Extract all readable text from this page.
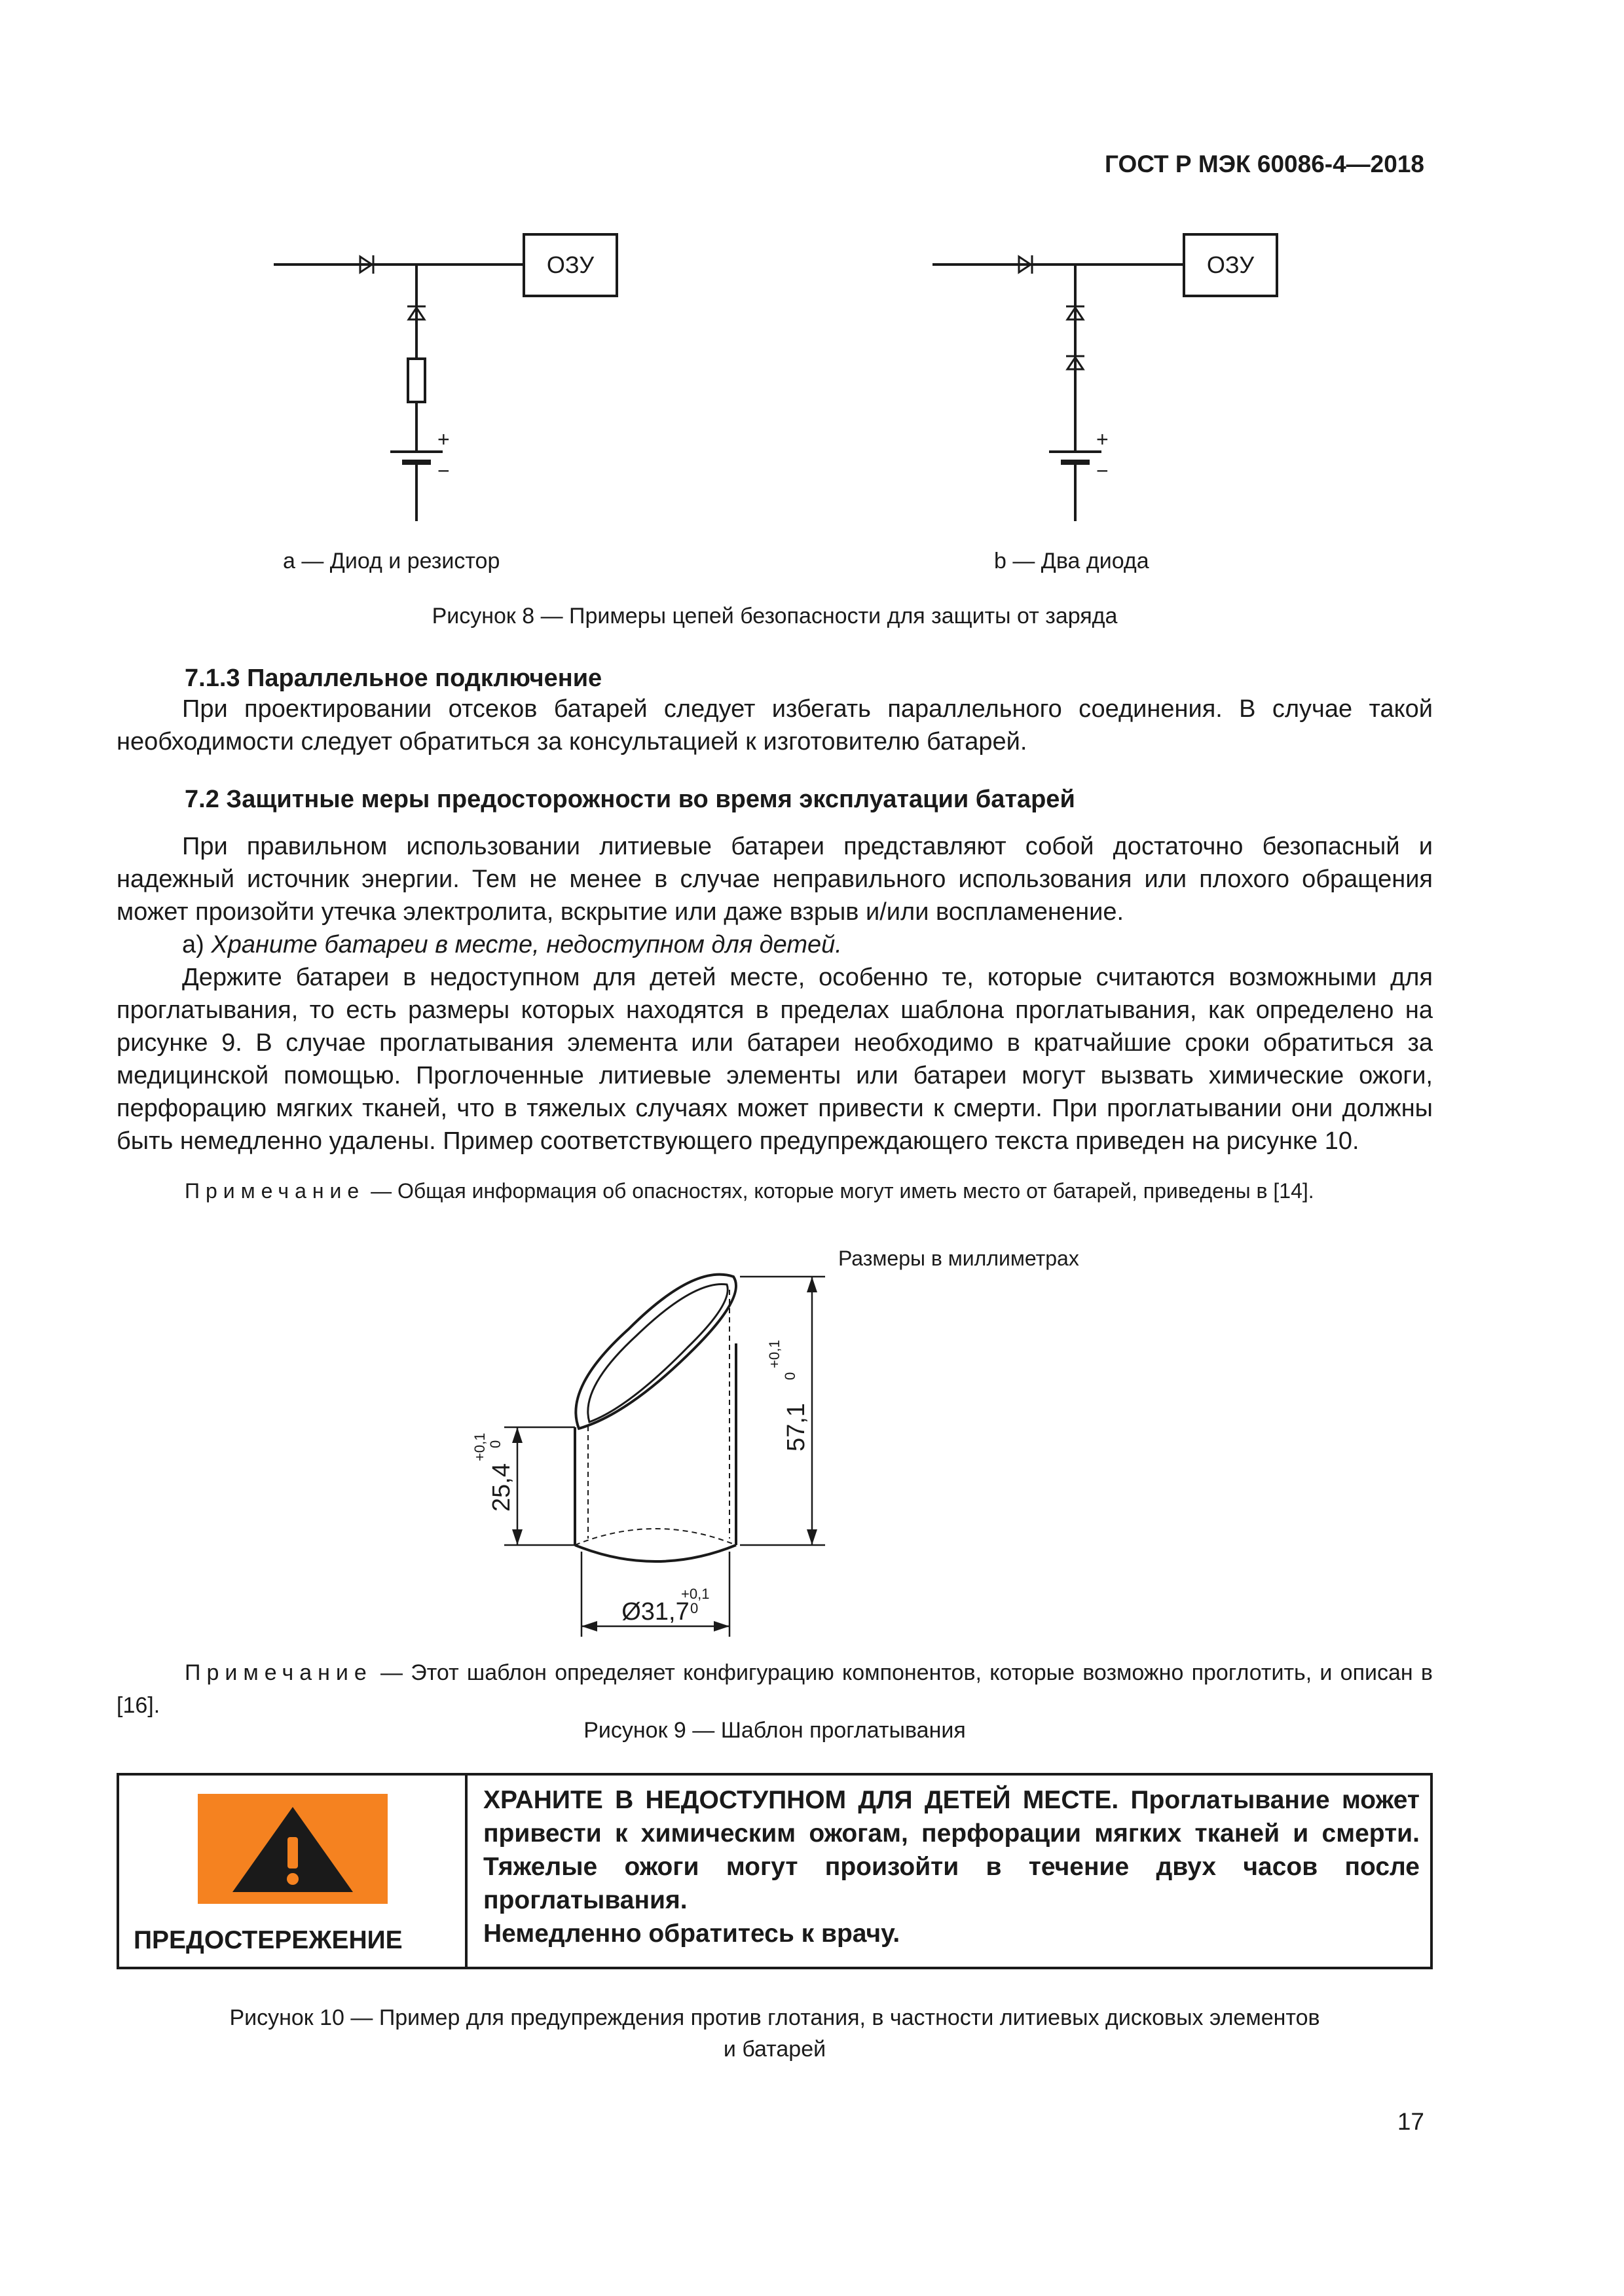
ГОСТ Р МЭК 60086-4—2018
ОЗУ	ОЗУ
+
−
+
−
a — Диод и резистор	b — Два диода
Рисунок 8 — Примеры цепей безопасности для защиты от заряда
7.1.3 Параллельное подключение

При проектировании отсеков батарей следует избегать параллельного соединения. В случае такой необходимости следует обратиться за консультацией к изготовителю батарей.

7.2 Защитные меры предосторожности во время эксплуатации батарей

При правильном использовании литиевые батареи представляют собой достаточно безопасный и надежный источник энергии. Тем не менее в случае неправильного использования или плохого обращения может произойти утечка электролита, вскрытие или даже взрыв и/или воспламенение.

а) Храните батареи в месте, недоступном для детей.

Держите батареи в недоступном для детей месте, особенно те, которые считаются возможными для проглатывания, то есть размеры которых находятся в пределах шаблона проглатывания, как определено на рисунке 9. В случае проглатывания элемента или батареи необходимо в кратчайшие сроки обратиться за медицинской помощью. Проглоченные литиевые элементы или батареи могут вызвать химические ожоги, перфорацию мягких тканей, что в тяжелых случаях может привести к смерти. При проглатывании они должны быть немедленно удалены. Пример соответствующего предупреждающего текста приведен на рисунке 10.

Примечание — Общая информация об опасностях, которые могут иметь место от батарей, приведены в [14].

Размеры в миллиметрах
57,1
+0,1
0
25,4
+0,1 0
Ø31,7
+0,1
0

Примечание — Этот шаблон определяет конфигурацию компонентов, которые возможно проглотить, и описан в [16].

Рисунок 9 — Шаблон проглатывания
ПРЕДОСТЕРЕЖЕНИЕ
ХРАНИТЕ В НЕДОСТУПНОМ ДЛЯ ДЕТЕЙ МЕСТЕ. Проглатывание может привести к химическим ожогам, перфорации мягких тканей и смерти. Тяжелые ожоги могут произойти в течение двух часов после проглатывания.
Немедленно обратитесь к врачу.
Рисунок 10 — Пример для предупреждения против глотания, в частности литиевых дисковых элементов
и батарей
17
